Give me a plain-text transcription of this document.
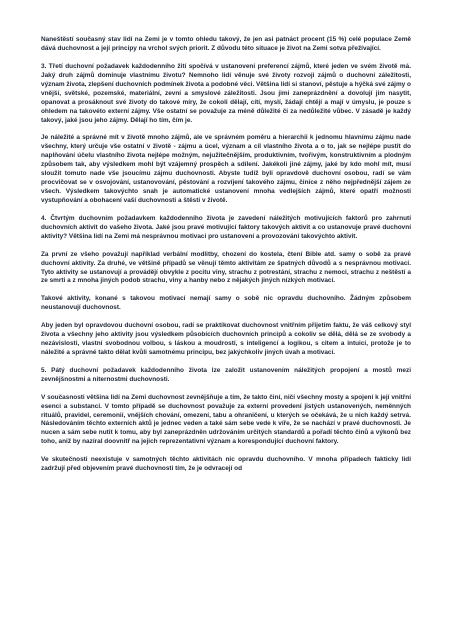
Naneštěstí současný stav lidí na Zemi je v tomto ohledu takový, že jen asi patnáct procent (15 %) celé populace Země dává duchovnost a její principy na vrchol svých priorit. Z důvodu této situace je život na Zemi sotva přežívající.

3. Třetí duchovní požadavek každodenního žití spočívá v ustanovení preferencí zájmů, které jeden ve svém životě má. Jaký druh zájmů dominuje vlastnímu životu? Nemnoho lidí věnuje své životy rozvoji zájmů o duchovní záležitosti, význam života, zlepšení duchovních podmínek života a podobné věci. Většina lidí si stanoví, pěstuje a hýčká své zájmy o vnější, světské, pozemské, materiální, zevní a smyslové záležitosti. Jsou jimi zaneprázdnění a dovolují jim nasytit, opanovat a prosáknout své životy do takové míry, že cokoli dělají, cítí, myslí, žádají chtějí a mají v úmyslu, je pouze s ohledem na takovéto externí zájmy. Vše ostatní se považuje za méně důležité či za nedůležité vůbec. V zásadě je každý takový, jaké jsou jeho zájmy. Dělají ho tím, čím je.

Je náležité a správné mít v životě mnoho zájmů, ale ve správném poměru a hierarchii k jednomu hlavnímu zájmu nade všechny, který určuje vše ostatní v životě - zájmu a úcel, význam a cíl vlastního života a o to, jak se nejlépe pustit do naplňování účelu vlastního života nejlépe možným, nejužitečnějším, produktivním, tvořivým, konstruktivním a plodným způsobem tak, aby výsledkem mohl být vzájemný prospěch a sdílení. Jakékoli jiné zájmy, jaké by kdo mohl mít, musí sloužit tomuto nade vše jsoucímu zájmu duchovnosti. Abyste tudíž byli opravdově duchovní osobou, radí se vám procvičovat se v osvojování, ustanovování, pěstování a rozvíjení takového zájmu, činíce z něho nejpřednější zájem ze všech. Výsledkem takovýchto snah je automatické ustanovení mnoha vedlejších zájmů, které opatří možnosti vystupňování a obohacení vaší duchovnosti a štěstí v životě.

4. Čtvrtým duchovním požadavkem každodenního života je zavedení náležitých motivujících faktorů pro zahrnutí duchovních aktivit do vašeho života. Jaké jsou pravé motivující faktory takových aktivit a co ustanovuje pravé duchovní aktivity? Většina lidí na Zemi má nesprávnou motivaci pro ustanovení a provozování takovýchto aktivit.

Za první ze všeho považují například verbální modlitby, chození do kostela, čtení Bible atd. samy o sobě za pravé duchovní aktivity. Za druhé, ve většině případů se věnují těmto aktivitám ze špatných důvodů a s nesprávnou motivací. Tyto aktivity se ustanovují a provádějí obvykle z pocitu viny, strachu z potrestání, strachu z nemoci, strachu z neštěstí a ze smrti a z mnoha jiných podob strachu, viny a hanby nebo z nějakých jiných nízkých motivací.

Takové aktivity, konané s takovou motivací nemají samy o sobě nic opravdu duchovního. Žádným způsobem neustanovují duchovnost.

Aby jeden byl opravdovou duchovní osobou, radí se praktikovat duchovnost vnitřním přijetím faktu, že váš celkový styl života a všechny jeho aktivity jsou výsledkem působících duchovních principů a cokoliv se dělá, dělá se ze svobody a nezávislosti, vlastní svobodnou volbou, s láskou a moudrostí, s inteligencí a logikou, s citem a intuicí, protože je to náležité a správné takto dělat kvůli samotnému principu, bez jakýchkoliv jiných úvah a motivací.

5. Pátý duchovní požadavek každodenního života lze založit ustanovením náležitých propojení a mostů mezi zevnějšnostmi a niternostmi duchovnosti.

V současnosti většina lidí na Zemi duchovnost zevnějšňuje a tím, že takto činí, ničí všechny mosty a spojení k její vnitřní esenci a substanci. V tomto případě se duchovnost považuje za externí provedení jistých ustanovených, neměnných rituálů, pravidel, ceremonií, vnějších chování, omezení, tabu a ohraničení, u kterých se očekává, že u nich každý setrvá. Následováním těchto externích aktů je jednec veden a také sám sebe vede k víře, že se nachází v pravé duchovnosti. Je nucen a sám sebe nutit k tomu, aby byl zaneprázdněn udržováním určitých standardů a pořadí těchto činů a výkonů bez toho, aniž by nazíral doovnitř na jejich reprezentativní význam a korespondující duchovní faktory.

Ve skutečnosti neexistuje v samotných těchto aktivitách nic opravdu duchovního. V mnoha případech fakticky lidi zadržují před objevením pravé duchovnosti tím, že je odvracejí od
